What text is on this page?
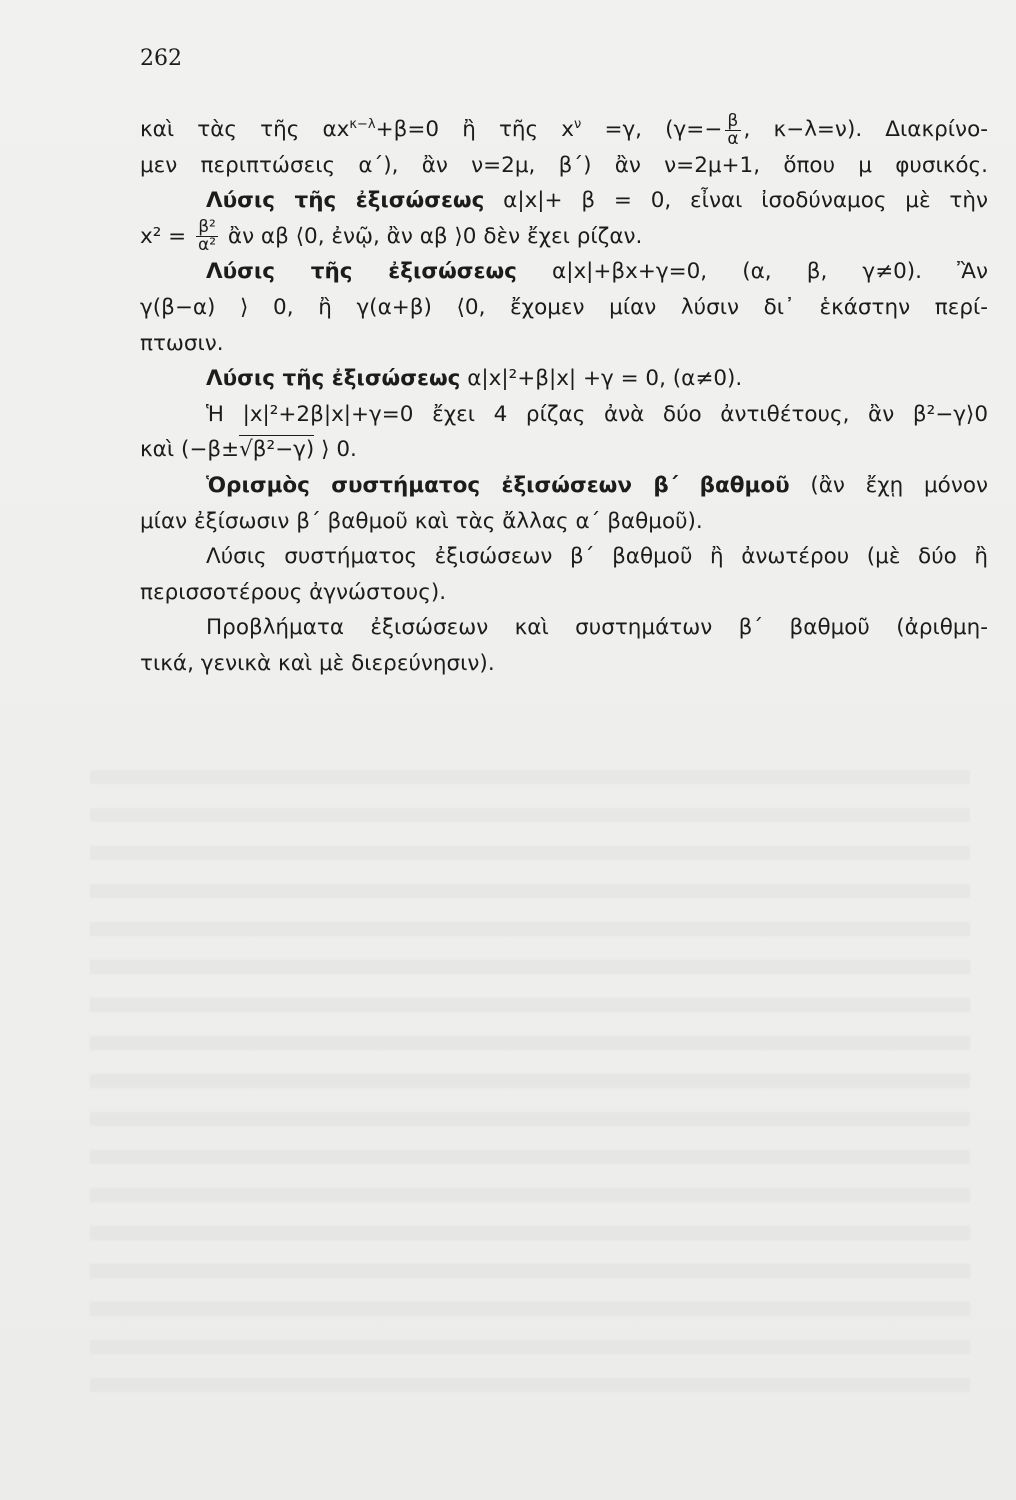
262
καὶ τὰς τῆς $\alpha x^{\kappa-\lambda}+\beta=0$ ἢ τῆς $x^\nu =\gamma$, ($\gamma=- \frac{\beta}{\alpha}$ , κ−λ=ν). Διακρίνο-
μεν περιπτώσεις α΄), ἂν ν=2μ, β΄) ἂν ν=2μ+1, ὅπου μ φυσικός.
Λύσις τῆς ἐξισώσεως α|x|+ β = 0, εἶναι ἰσοδύναμος μὲ τὴν
$x^2 = \frac{\text{β²}}{\text{α²}}$ ἂν αβ ⟨0, ἐνῷ, ἂν αβ ⟩0 δὲν ἔχει ρίζαν.
Λύσις τῆς ἐξισώσεως α|x|+βx+γ=0, (α, β, γ≠0). Ἂν
γ(β−α) ⟩ 0, ἢ γ(α+β) ⟨0, ἔχομεν μίαν λύσιν δι᾽ ἑκάστην περί-
πτωσιν.
Λύσις τῆς ἐξισώσεως α|x|²+β|x| +γ = 0, (α≠0).
Ἡ |x|²+2β|x|+γ=0 ἔχει 4 ρίζας ἀνὰ δύο ἀντιθέτους, ἂν β²−γ⟩0
καὶ (−β±√β²−γ) ⟩ 0.
Ὁρισμὸς συστήματος ἐξισώσεων β΄ βαθμοῦ (ἂν ἔχῃ μόνον
μίαν ἐξίσωσιν β΄ βαθμοῦ καὶ τὰς ἄλλας α΄ βαθμοῦ).
Λύσις συστήματος ἐξισώσεων β΄ βαθμοῦ ἢ ἀνωτέρου (μὲ δύο ἢ
περισσοτέρους ἀγνώστους).
Προβλήματα ἐξισώσεων καὶ συστημάτων β΄ βαθμοῦ (ἀριθμη-
τικά, γενικὰ καὶ μὲ διερεύνησιν).
